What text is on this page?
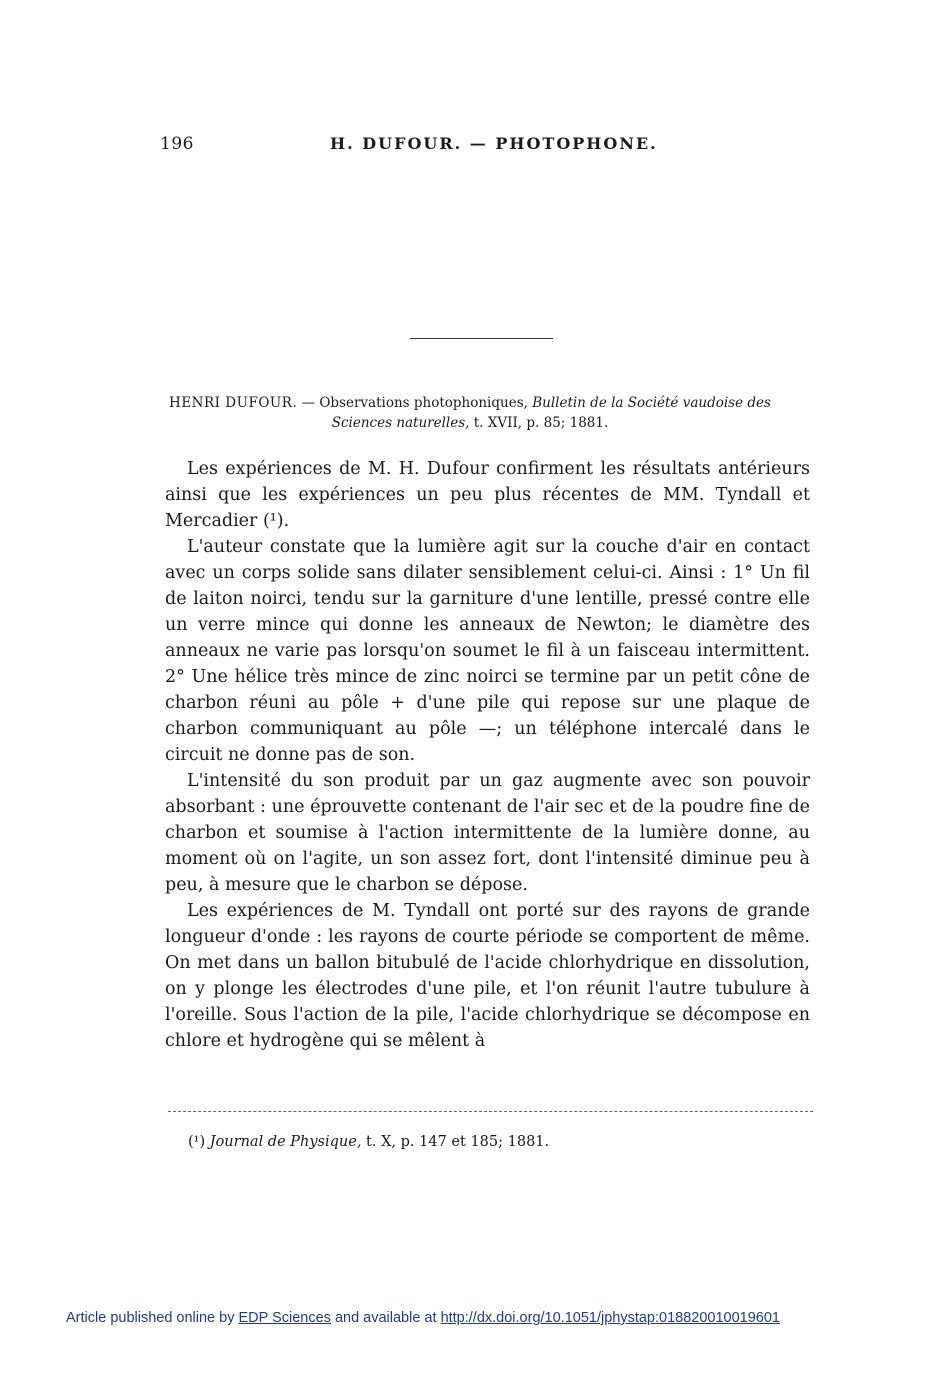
196	H. DUFOUR. — PHOTOPHONE.
HENRI DUFOUR. — Observations photophoniques, Bulletin de la Société vaudoise des Sciences naturelles, t. XVII, p. 85; 1881.

Les expériences de M. H. Dufour confirment les résultats antérieurs ainsi que les expériences un peu plus récentes de MM. Tyndall et Mercadier (¹).

L'auteur constate que la lumière agit sur la couche d'air en contact avec un corps solide sans dilater sensiblement celui-ci. Ainsi : 1° Un fil de laiton noirci, tendu sur la garniture d'une lentille, pressé contre elle un verre mince qui donne les anneaux de Newton; le diamètre des anneaux ne varie pas lorsqu'on soumet le fil à un faisceau intermittent. 2° Une hélice très mince de zinc noirci se termine par un petit cône de charbon réuni au pôle + d'une pile qui repose sur une plaque de charbon communiquant au pôle —; un téléphone intercalé dans le circuit ne donne pas de son.

L'intensité du son produit par un gaz augmente avec son pouvoir absorbant : une éprouvette contenant de l'air sec et de la poudre fine de charbon et soumise à l'action intermittente de la lumière donne, au moment où on l'agite, un son assez fort, dont l'intensité diminue peu à peu, à mesure que le charbon se dépose.

Les expériences de M. Tyndall ont porté sur des rayons de grande longueur d'onde : les rayons de courte période se comportent de même. On met dans un ballon bitubulé de l'acide chlorhydrique en dissolution, on y plonge les électrodes d'une pile, et l'on réunit l'autre tubulure à l'oreille. Sous l'action de la pile, l'acide chlorhydrique se décompose en chlore et hydrogène qui se mêlent à

(¹) Journal de Physique, t. X, p. 147 et 185; 1881.
Article published online by EDP Sciences and available at http://dx.doi.org/10.1051/jphystap:018820010019601
